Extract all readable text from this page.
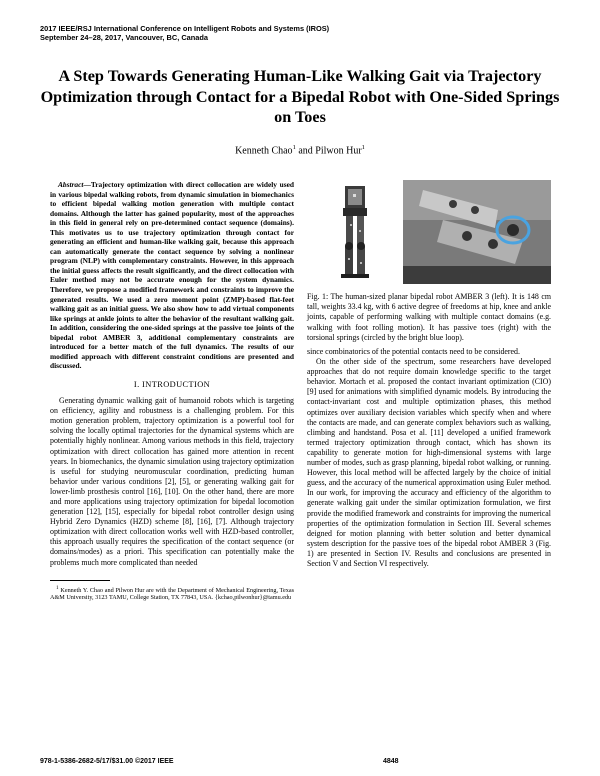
2017 IEEE/RSJ International Conference on Intelligent Robots and Systems (IROS)
September 24–28, 2017, Vancouver, BC, Canada
A Step Towards Generating Human-Like Walking Gait via Trajectory Optimization through Contact for a Bipedal Robot with One-Sided Springs on Toes
Kenneth Chao$^1$ and Pilwon Hur$^1$

Abstract—Trajectory optimization with direct collocation are widely used in various bipedal walking robots, from dynamic simulation in biomechanics to efficient bipedal walking motion generation with multiple contact domains. Although the latter has gained popularity, most of the approaches in this field in general rely on pre-determined contact sequence (domains). This motivates us to use trajectory optimization through contact for generating an efficient and human-like walking gait, because this approach can automatically generate the contact sequence by solving a nonlinear program (NLP) with complementary constraints. However, in this approach the initial guess affects the result significantly, and the direct collocation with Euler method may not be accurate enough for the system dynamics. Therefore, we propose a modified framework and constraints to improve the generated results. We used a zero moment point (ZMP)-based flat-feet walking gait as an initial guess. We also show how to add virtual components like springs at ankle joints to alter the behavior of the resultant walking gait. In addition, considering the one-sided springs at the passive toe joints of the bipedal robot AMBER 3, additional complementary constraints are introduced for a better match of the full dynamics. The results of our modified approach with different constraint conditions are presented and discussed.

I. INTRODUCTION

Generating dynamic walking gait of humanoid robots which is targeting on efficiency, agility and robustness is a challenging problem. For this motion generation problem, trajectory optimization is a powerful tool for solving the locally optimal trajectories for the dynamical systems which are potentially highly nonlinear. Among various methods in this field, trajectory optimization with direct collocation has gained more attention in recent years. In biomechanics, the dynamic simulation using trajectory optimization is useful for studying neuromuscular coordination, predicting human behavior under various conditions [2], [5], or generating walking gait for lower-limb prosthesis control [16], [10]. On the other hand, there are more and more applications using trajectory optimization for bipedal locomotion generation [12], [15], especially for bipedal robot controller design using Hybrid Zero Dynamics (HZD) scheme [8], [16], [7]. Although trajectory optimization with direct collocation works well with HZD-based controller, this approach usually requires the specification of the contact sequence (or domains/modes) as a priori. This specification can potentially make the problems much more complicated than needed

$^1$ Kenneth Y. Chao and Pilwon Hur are with the Department of Mechanical Engineering, Texas A&M University, 3123 TAMU, College Station, TX 77843, USA. {kchao,pilwonhur}@tamu.edu
Fig. 1: The human-sized planar bipedal robot AMBER 3 (left). It is 148 cm tall, weights 33.4 kg, with 6 active degree of freedoms at hip, knee and ankle joints, capable of performing walking with multiple contact domains (e.g. walking with foot rolling motion). It has passive toes (right) with the torsional springs (circled by the bright blue loop).

since combinatorics of the potential contacts need to be considered.

On the other side of the spectrum, some researchers have developed approaches that do not require domain knowledge specific to the target behavior. Mortach et al. proposed the contact invariant optimization (CIO) [9] used for animations with simplified dynamic models. By introducing the contact-invariant cost and multiple optimization phases, this method optimizes over auxiliary decision variables which specify when and where the contacts are made, and can generate complex behaviors such as walking, climbing and handstand. Posa et al. [11] developed a unified framework termed trajectory optimization through contact, which has shown its capability to generate motion for high-dimensional systems with large number of modes, such as grasp planning, bipedal robot walking, or running. However, this local method will be affected largely by the choice of initial guess, and the accuracy of the numerical approximation using Euler method. In our work, for improving the accuracy and efficiency of the algorithm to generate walking gait under the similar optimization formulation, we first provide the modified framework and constraints for improving the numerical properties of the optimization formulation in Section III. Several schemes deigned for motion planning with better solution and better dynamical system description for the passive toes of the bipedal robot AMBER 3 (Fig. 1) are presented in Section IV. Results and conclusions are presented in Section V and Section VI respectively.

978-1-5386-2682-5/17/$31.00 ©2017 IEEE	4848
